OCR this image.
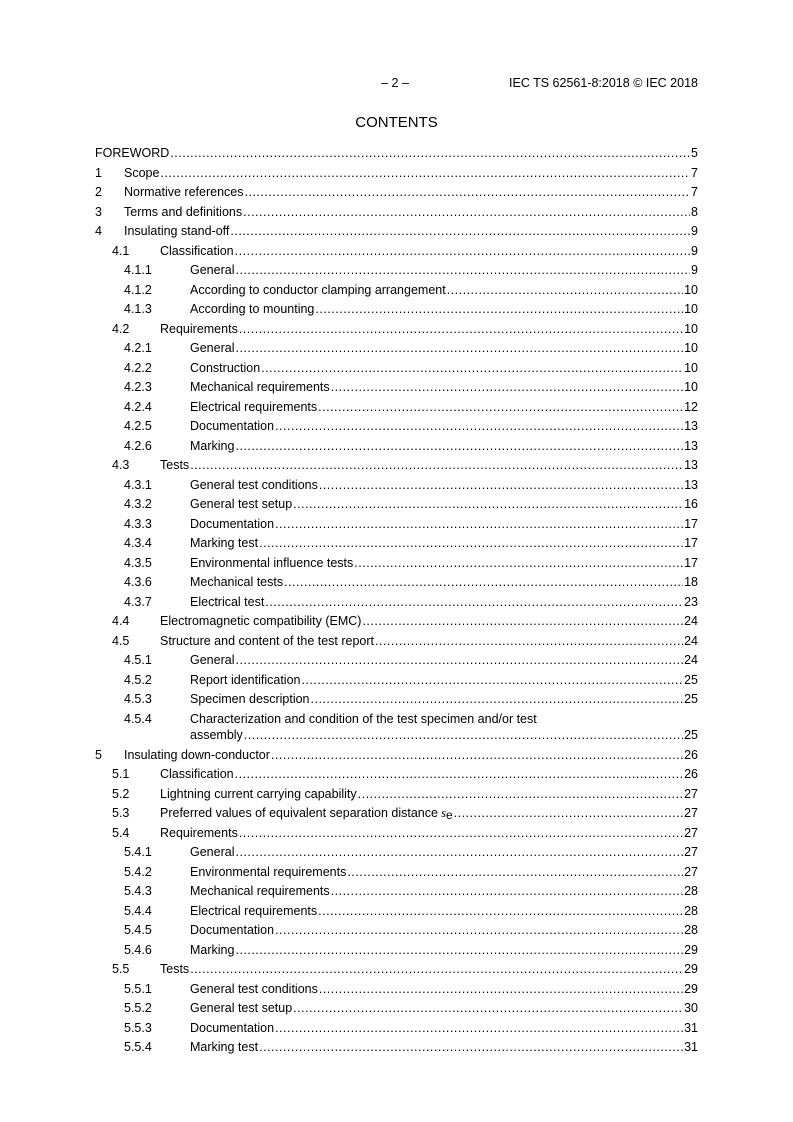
– 2 –	IEC TS 62561-8:2018 © IEC 2018
CONTENTS
FOREWORD .....	5
1 Scope .....	7
2 Normative references .....	7
3 Terms and definitions .....	8
4 Insulating stand-off .....	9
4.1 Classification .....	9
4.1.1	General .....	9
4.1.2	According to conductor clamping arrangement .....	10
4.1.3	According to mounting .....	10
4.2 Requirements .....	10
4.2.1	General .....	10
4.2.2	Construction .....	10
4.2.3	Mechanical requirements .....	10
4.2.4	Electrical requirements .....	12
4.2.5	Documentation .....	13
4.2.6	Marking .....	13
4.3 Tests .....	13
4.3.1	General test conditions .....	13
4.3.2	General test setup .....	16
4.3.3	Documentation .....	17
4.3.4	Marking test .....	17
4.3.5	Environmental influence tests .....	17
4.3.6	Mechanical tests .....	18
4.3.7	Electrical test .....	23
4.4 Electromagnetic compatibility (EMC) .....	24
4.5 Structure and content of the test report .....	24
4.5.1	General .....	24
4.5.2	Report identification .....	25
4.5.3	Specimen description .....	25
4.5.4	Characterization and condition of the test specimen and/or test
assembly .....	25
5 Insulating down-conductor .....	26
5.1 Classification .....	26
5.2 Lightning current carrying capability .....	27
5.3 Preferred values of equivalent separation distance $s_e$ .....	27
5.4 Requirements .....	27
5.4.1	General .....	27
5.4.2	Environmental requirements .....	27
5.4.3	Mechanical requirements .....	28
5.4.4	Electrical requirements .....	28
5.4.5	Documentation .....	28
5.4.6	Marking .....	29
5.5 Tests .....	29
5.5.1	General test conditions .....	29
5.5.2	General test setup .....	30
5.5.3	Documentation .....	31
5.5.4	Marking test .....	31
